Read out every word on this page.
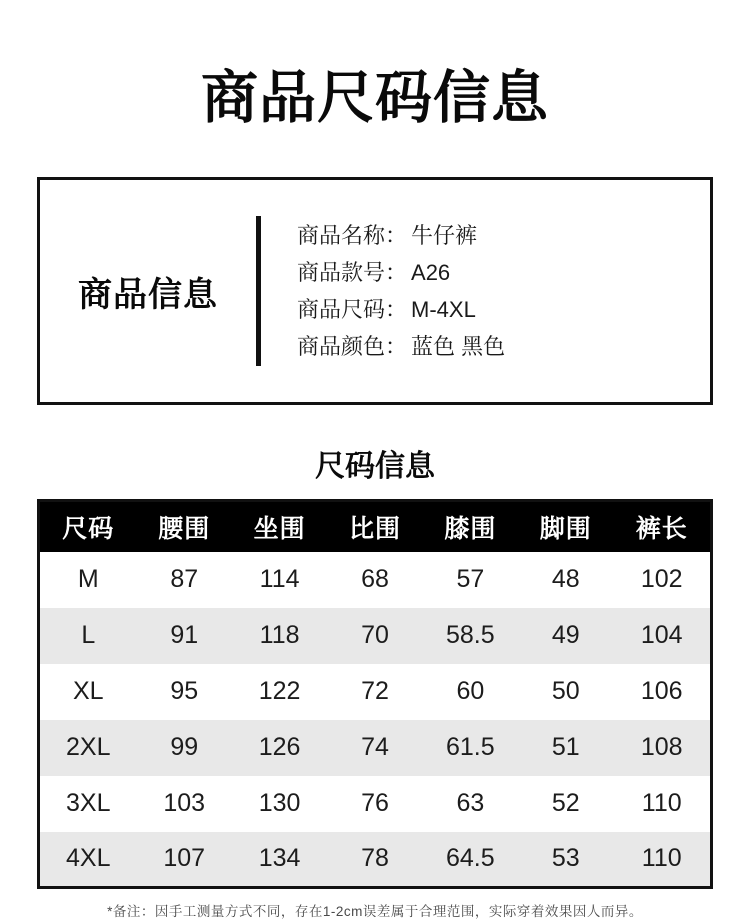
商品尺码信息
商品信息
商品名称： 牛仔裤
商品款号： A26
商品尺码： M-4XL
商品颜色： 蓝色 黑色
尺码信息
尺码	腰围	坐围	比围	膝围	脚围	裤长
M	87	114	68	57	48	102
L	91	118	70	58.5	49	104
XL	95	122	72	60	50	106
2XL	99	126	74	61.5	51	108
3XL	103	130	76	63	52	110
4XL	107	134	78	64.5	53	110
*备注：因手工测量方式不同，存在1-2cm误差属于合理范围，实际穿着效果因人而异。
